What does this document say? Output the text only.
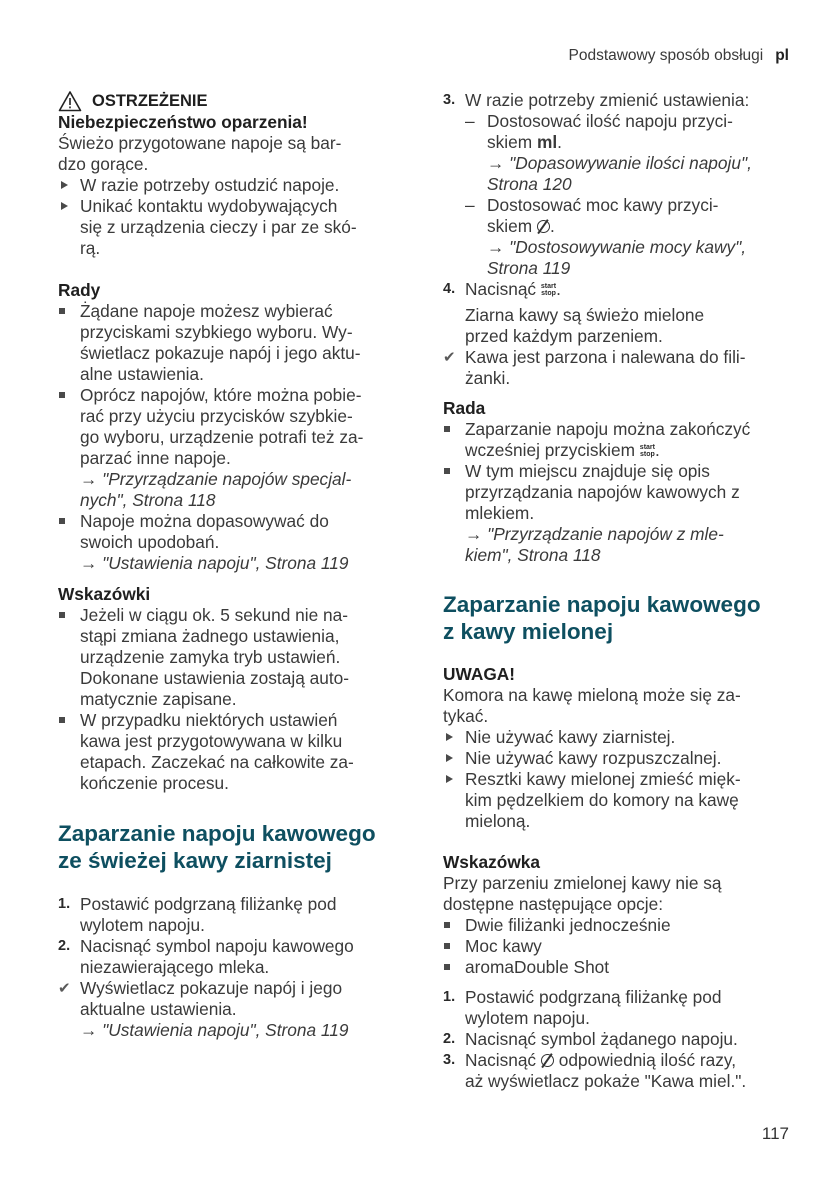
Podstawowy sposób obsługi pl
OSTRZEŻENIE

Niebezpieczeństwo oparzenia!

Świeżo przygotowane napoje są bar-
dzo gorące.

W razie potrzeby ostudzić napoje.
Unikać kontaktu wydobywających
się z urządzenia cieczy i par ze skó-
rą.

Rady

Żądane napoje możesz wybierać
przyciskami szybkiego wyboru. Wy-
świetlacz pokazuje napój i jego aktu-
alne ustawienia.
Oprócz napojów, które można pobie-
rać przy użyciu przycisków szybkie-
go wyboru, urządzenie potrafi też za-
parzać inne napoje.
→ "Przyrządzanie napojów specjal-
nych", Strona 118
Napoje można dopasowywać do
swoich upodobań.
→ "Ustawienia napoju", Strona 119

Wskazówki

Jeżeli w ciągu ok. 5 sekund nie na-
stąpi zmiana żadnego ustawienia,
urządzenie zamyka tryb ustawień.
Dokonane ustawienia zostają auto-
matycznie zapisane.
W przypadku niektórych ustawień
kawa jest przygotowywana w kilku
etapach. Zaczekać na całkowite za-
kończenie procesu.

Zaparzanie napoju kawowego
ze świeżej kawy ziarnistej

1. Postawić podgrzaną filiżankę pod
wylotem napoju.
2. Nacisnąć symbol napoju kawowego
niezawierającego mleka.
✔ Wyświetlacz pokazuje napój i jego
aktualne ustawienia.
→ "Ustawienia napoju", Strona 119
3. W razie potrzeby zmienić ustawienia:
– Dostosować ilość napoju przyci-
skiem ml.
→ "Dopasowywanie ilości napoju",
Strona 120
– Dostosować moc kawy przyci-
skiem .
→ "Dostosowywanie mocy kawy",
Strona 119
4. Nacisnąć start
stop.

Ziarna kawy są świeżo mielone
przed każdym parzeniem.

✔ Kawa jest parzona i nalewana do fili-
żanki.

Rada

Zaparzanie napoju można zakończyć
wcześniej przyciskiem start
stop.
W tym miejscu znajduje się opis
przyrządzania napojów kawowych z
mlekiem.
→ "Przyrządzanie napojów z mle-
kiem", Strona 118

Zaparzanie napoju kawowego
z kawy mielonej

UWAGA!

Komora na kawę mieloną może się za-
tykać.

Nie używać kawy ziarnistej.
Nie używać kawy rozpuszczalnej.
Resztki kawy mielonej zmieść mięk-
kim pędzelkiem do komory na kawę
mieloną.

Wskazówka

Przy parzeniu zmielonej kawy nie są
dostępne następujące opcje:

Dwie filiżanki jednocześnie
Moc kawy
aromaDouble Shot
1. Postawić podgrzaną filiżankę pod
wylotem napoju.
2. Nacisnąć symbol żądanego napoju.
3. Nacisnąć odpowiednią ilość razy,
aż wyświetlacz pokaże "Kawa miel.".
117
